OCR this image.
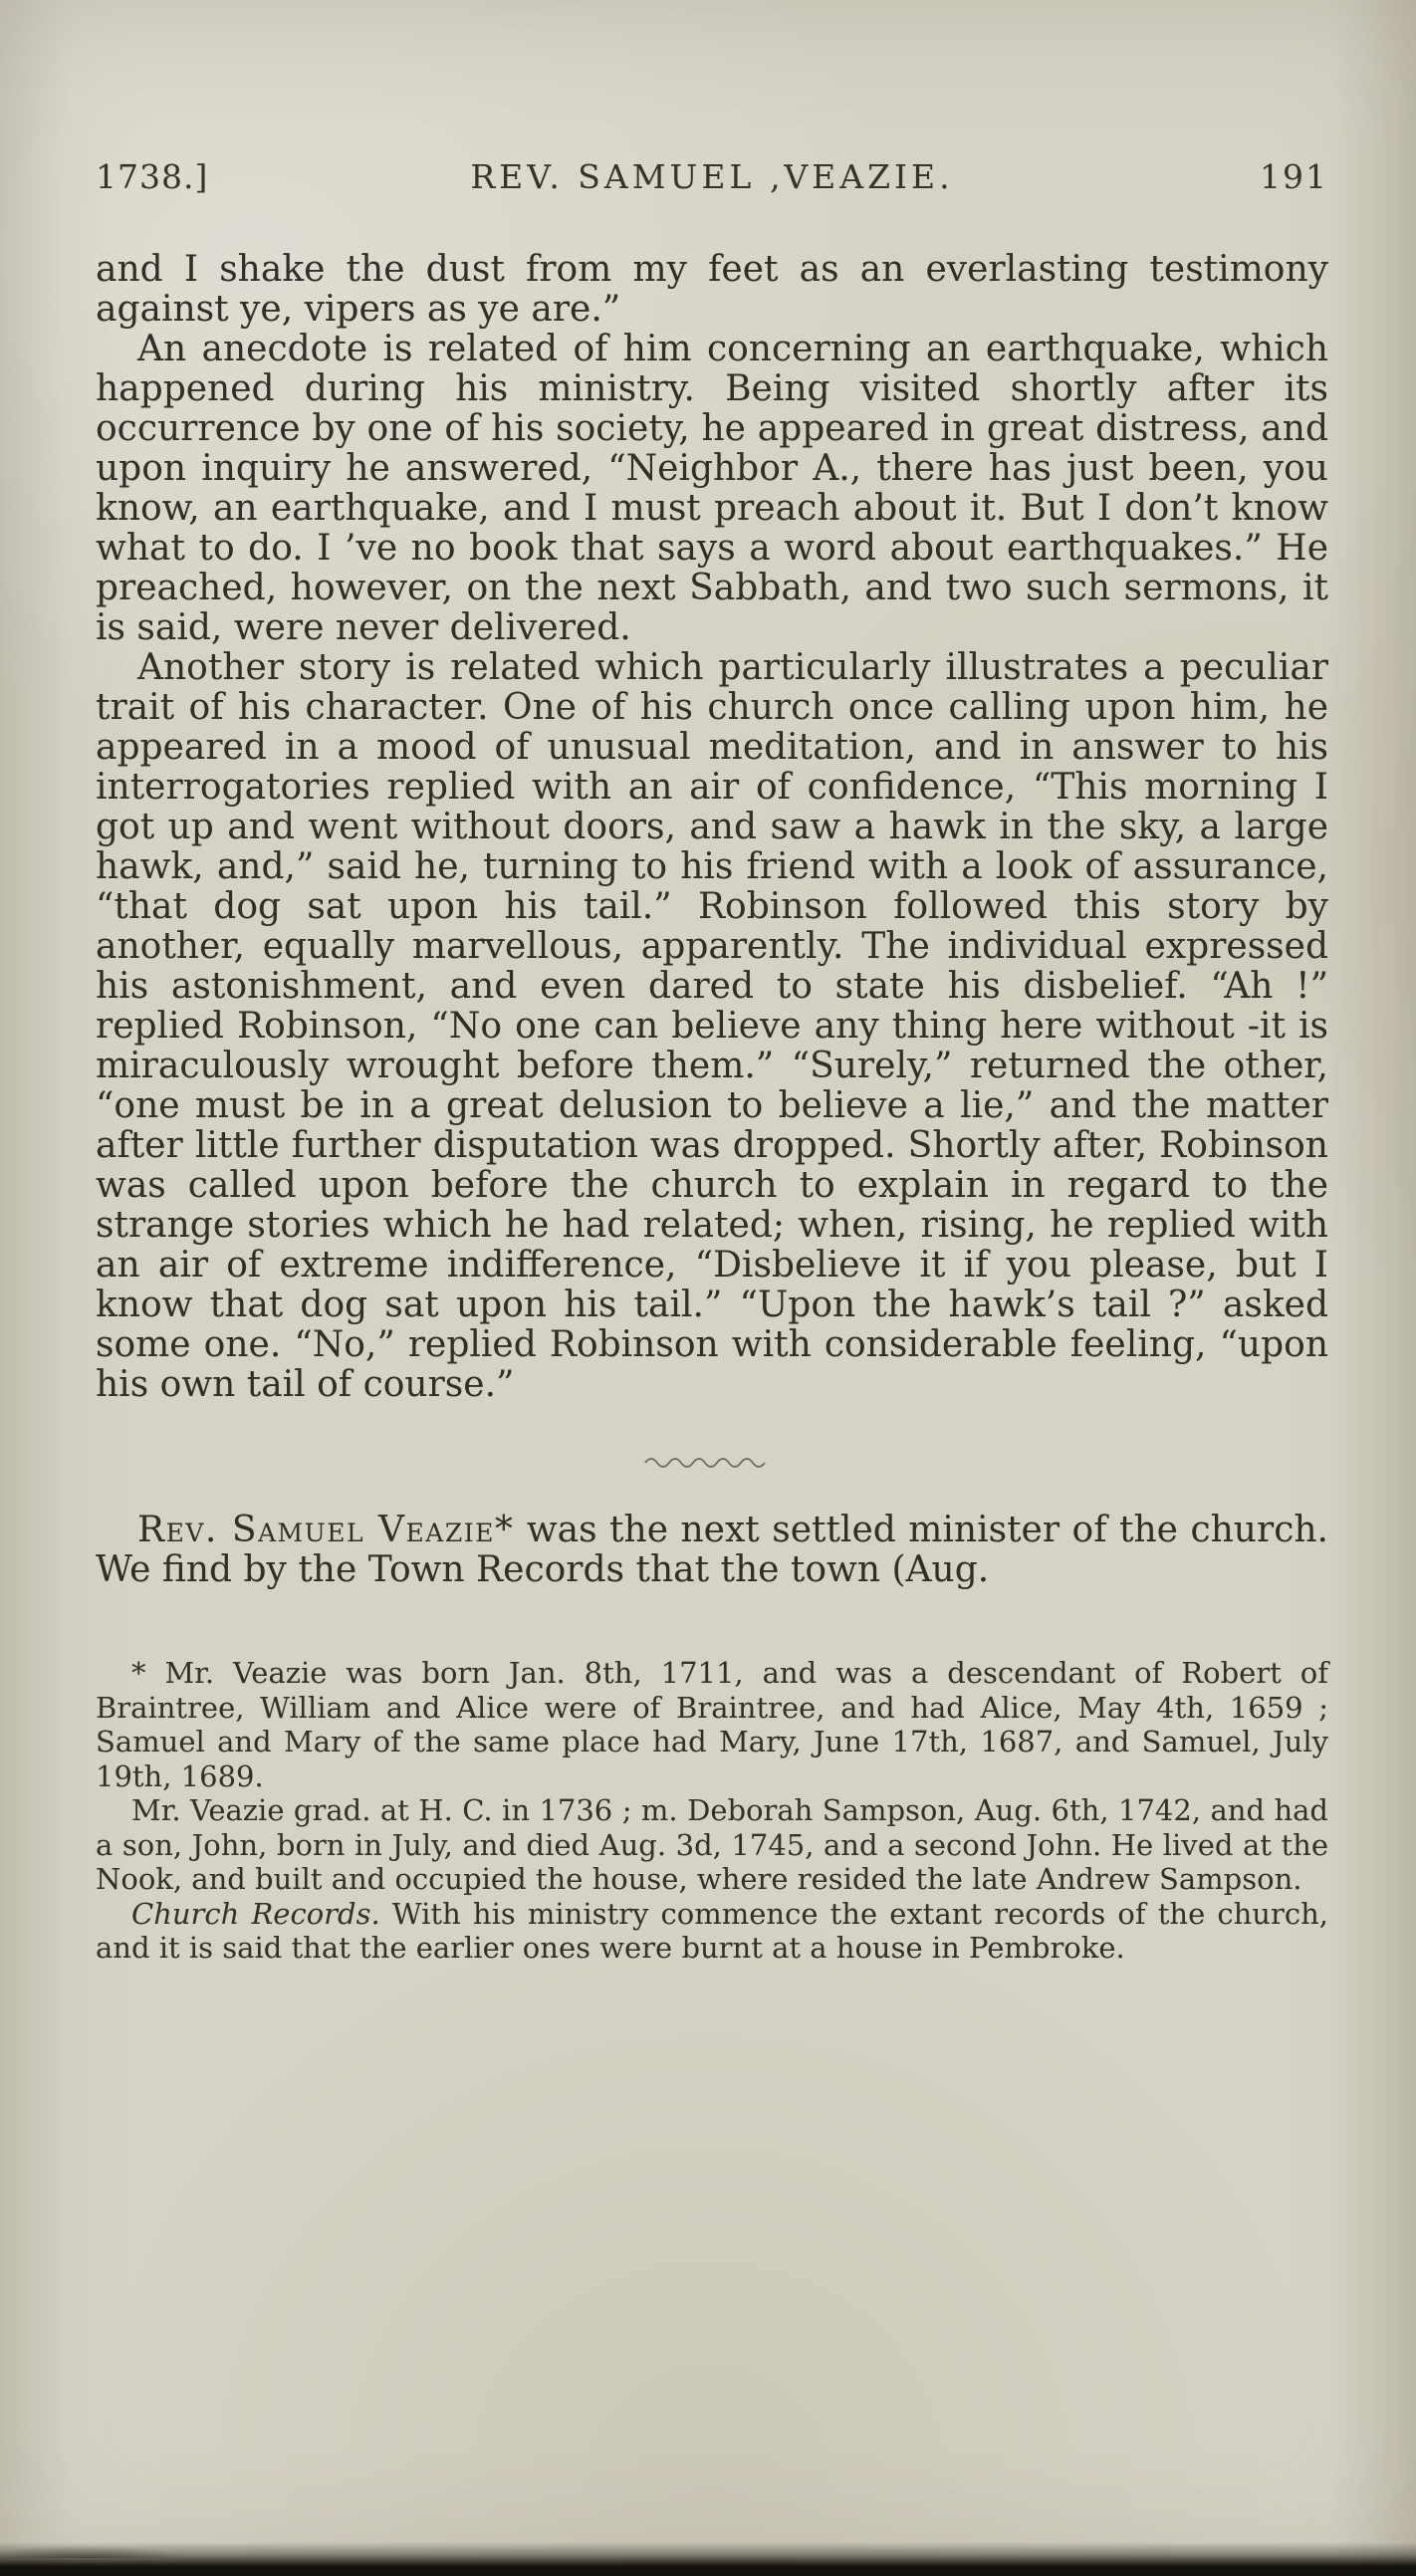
1738.]	REV. SAMUEL ‚VEAZIE.	191

and I shake the dust from my feet as an everlasting testimony against ye, vipers as ye are.”

An anecdote is related of him concerning an earthquake, which happened during his ministry. Being visited shortly after its occurrence by one of his society, he appeared in great distress, and upon inquiry he answered, “Neighbor A., there has just been, you know, an earthquake, and I must preach about it. But I don’t know what to do. I ’ve no book that says a word about earthquakes.” He preached, however, on the next Sabbath, and two such sermons, it is said, were never delivered.

Another story is related which particularly illustrates a peculiar trait of his character. One of his church once calling upon him, he appeared in a mood of unusual meditation, and in answer to his interrogatories replied with an air of confidence, “This morning I got up and went without doors, and saw a hawk in the sky, a large hawk, and,” said he, turning to his friend with a look of assurance, “that dog sat upon his tail.” Robinson followed this story by another, equally marvellous, apparently. The individual expressed his astonishment, and even dared to state his disbelief. “Ah !” replied Robinson, “No one can believe any thing here without -it is miraculously wrought before them.” “Surely,” returned the other, “one must be in a great delusion to believe a lie,” and the matter after little further disputation was dropped. Shortly after, Robinson was called upon before the church to explain in regard to the strange stories which he had related; when, rising, he replied with an air of extreme indifference, “Disbelieve it if you please, but I know that dog sat upon his tail.” “Upon the hawk’s tail ?” asked some one. “No,” replied Robinson with considerable feeling, “upon his own tail of course.”

Rev. Samuel Veazie* was the next settled minister of the church. We find by the Town Records that the town (Aug.

* Mr. Veazie was born Jan. 8th, 1711, and was a descendant of Robert of Braintree, William and Alice were of Braintree, and had Alice, May 4th, 1659 ; Samuel and Mary of the same place had Mary, June 17th, 1687, and Samuel, July 19th, 1689.

Mr. Veazie grad. at H. C. in 1736 ; m. Deborah Sampson, Aug. 6th, 1742, and had a son, John, born in July, and died Aug. 3d, 1745, and a second John. He lived at the Nook, and built and occupied the house, where resided the late Andrew Sampson.

Church Records. With his ministry commence the extant records of the church, and it is said that the earlier ones were burnt at a house in Pembroke.
